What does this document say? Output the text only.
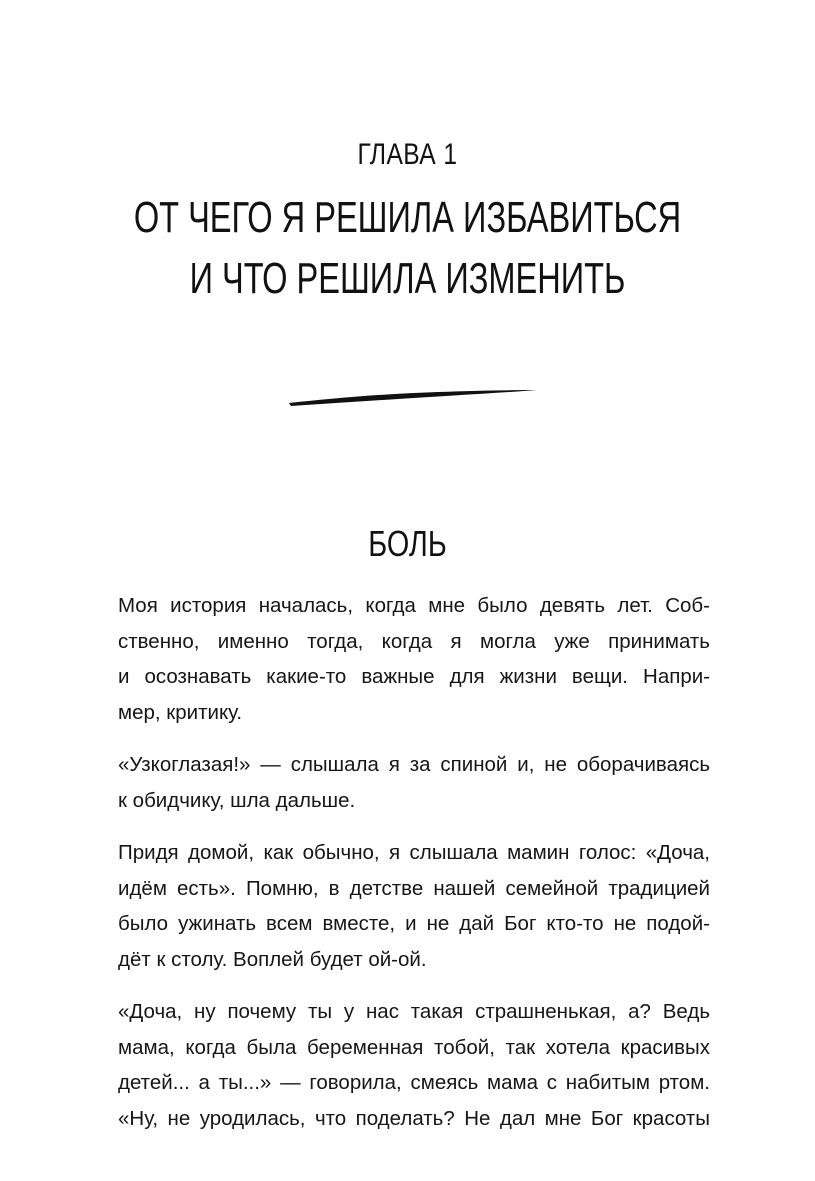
ГЛАВА 1
ОТ ЧЕГО Я РЕШИЛА ИЗБАВИТЬСЯ
И ЧТО РЕШИЛА ИЗМЕНИТЬ
БОЛЬ
Моя история началась, когда мне было девять лет. Соб-
ственно, именно тогда, когда я могла уже принимать
и осознавать какие-то важные для жизни вещи. Напри-
мер, критику.
«Узкоглазая!» — слышала я за спиной и, не оборачиваясь
к обидчику, шла дальше.
Придя домой, как обычно, я слышала мамин голос: «Доча,
идём есть». Помню, в детстве нашей семейной традицией
было ужинать всем вместе, и не дай Бог кто-то не подой-
дёт к столу. Воплей будет ой-ой.
«Доча, ну почему ты у нас такая страшненькая, а? Ведь
мама, когда была беременная тобой, так хотела красивых
детей... а ты...» — говорила, смеясь мама с набитым ртом.
«Ну, не уродилась, что поделать? Не дал мне Бог красоты
